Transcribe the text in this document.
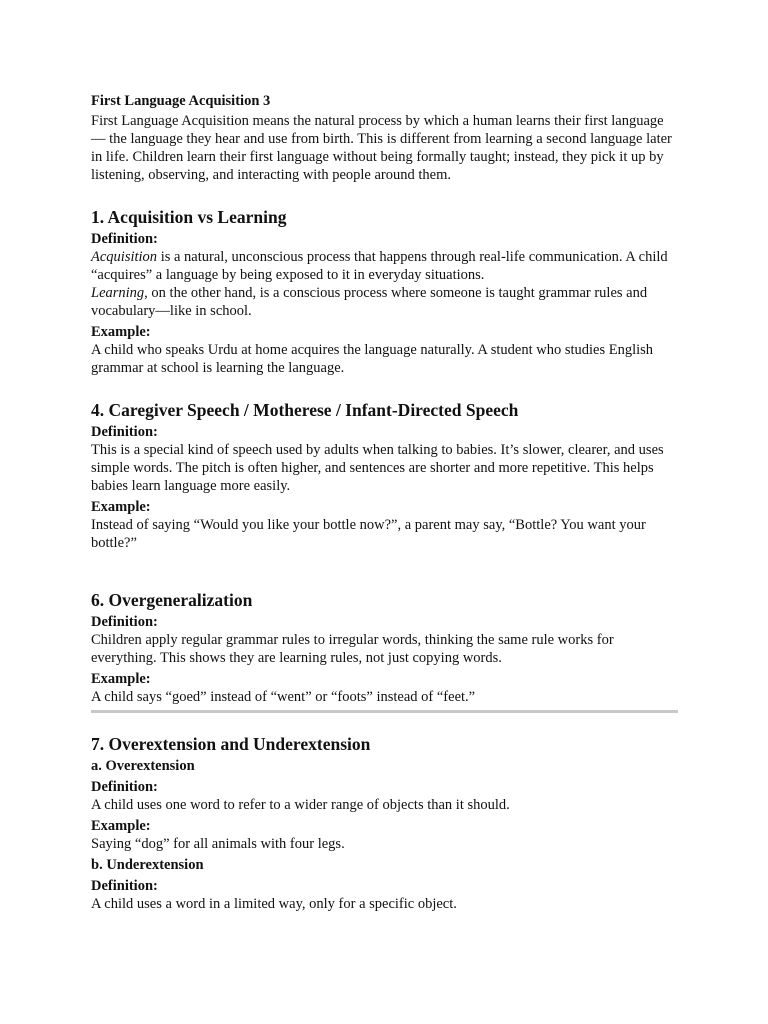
First Language Acquisition 3

First Language Acquisition means the natural process by which a human learns their first language — the language they hear and use from birth. This is different from learning a second language later in life. Children learn their first language without being formally taught; instead, they pick it up by listening, observing, and interacting with people around them.

1. Acquisition vs Learning
Definition:

Acquisition is a natural, unconscious process that happens through real-life communication. A child “acquires” a language by being exposed to it in everyday situations.

Learning, on the other hand, is a conscious process where someone is taught grammar rules and vocabulary—like in school.

Example:

A child who speaks Urdu at home acquires the language naturally. A student who studies English grammar at school is learning the language.

4. Caregiver Speech / Motherese / Infant-Directed Speech
Definition:

This is a special kind of speech used by adults when talking to babies. It’s slower, clearer, and uses simple words. The pitch is often higher, and sentences are shorter and more repetitive. This helps babies learn language more easily.

Example:

Instead of saying “Would you like your bottle now?”, a parent may say, “Bottle? You want your bottle?”

6. Overgeneralization
Definition:

Children apply regular grammar rules to irregular words, thinking the same rule works for everything. This shows they are learning rules, not just copying words.

Example:

A child says “goed” instead of “went” or “foots” instead of “feet.”

7. Overextension and Underextension
a. Overextension
Definition:

A child uses one word to refer to a wider range of objects than it should.

Example:

Saying “dog” for all animals with four legs.

b. Underextension
Definition:

A child uses a word in a limited way, only for a specific object.
